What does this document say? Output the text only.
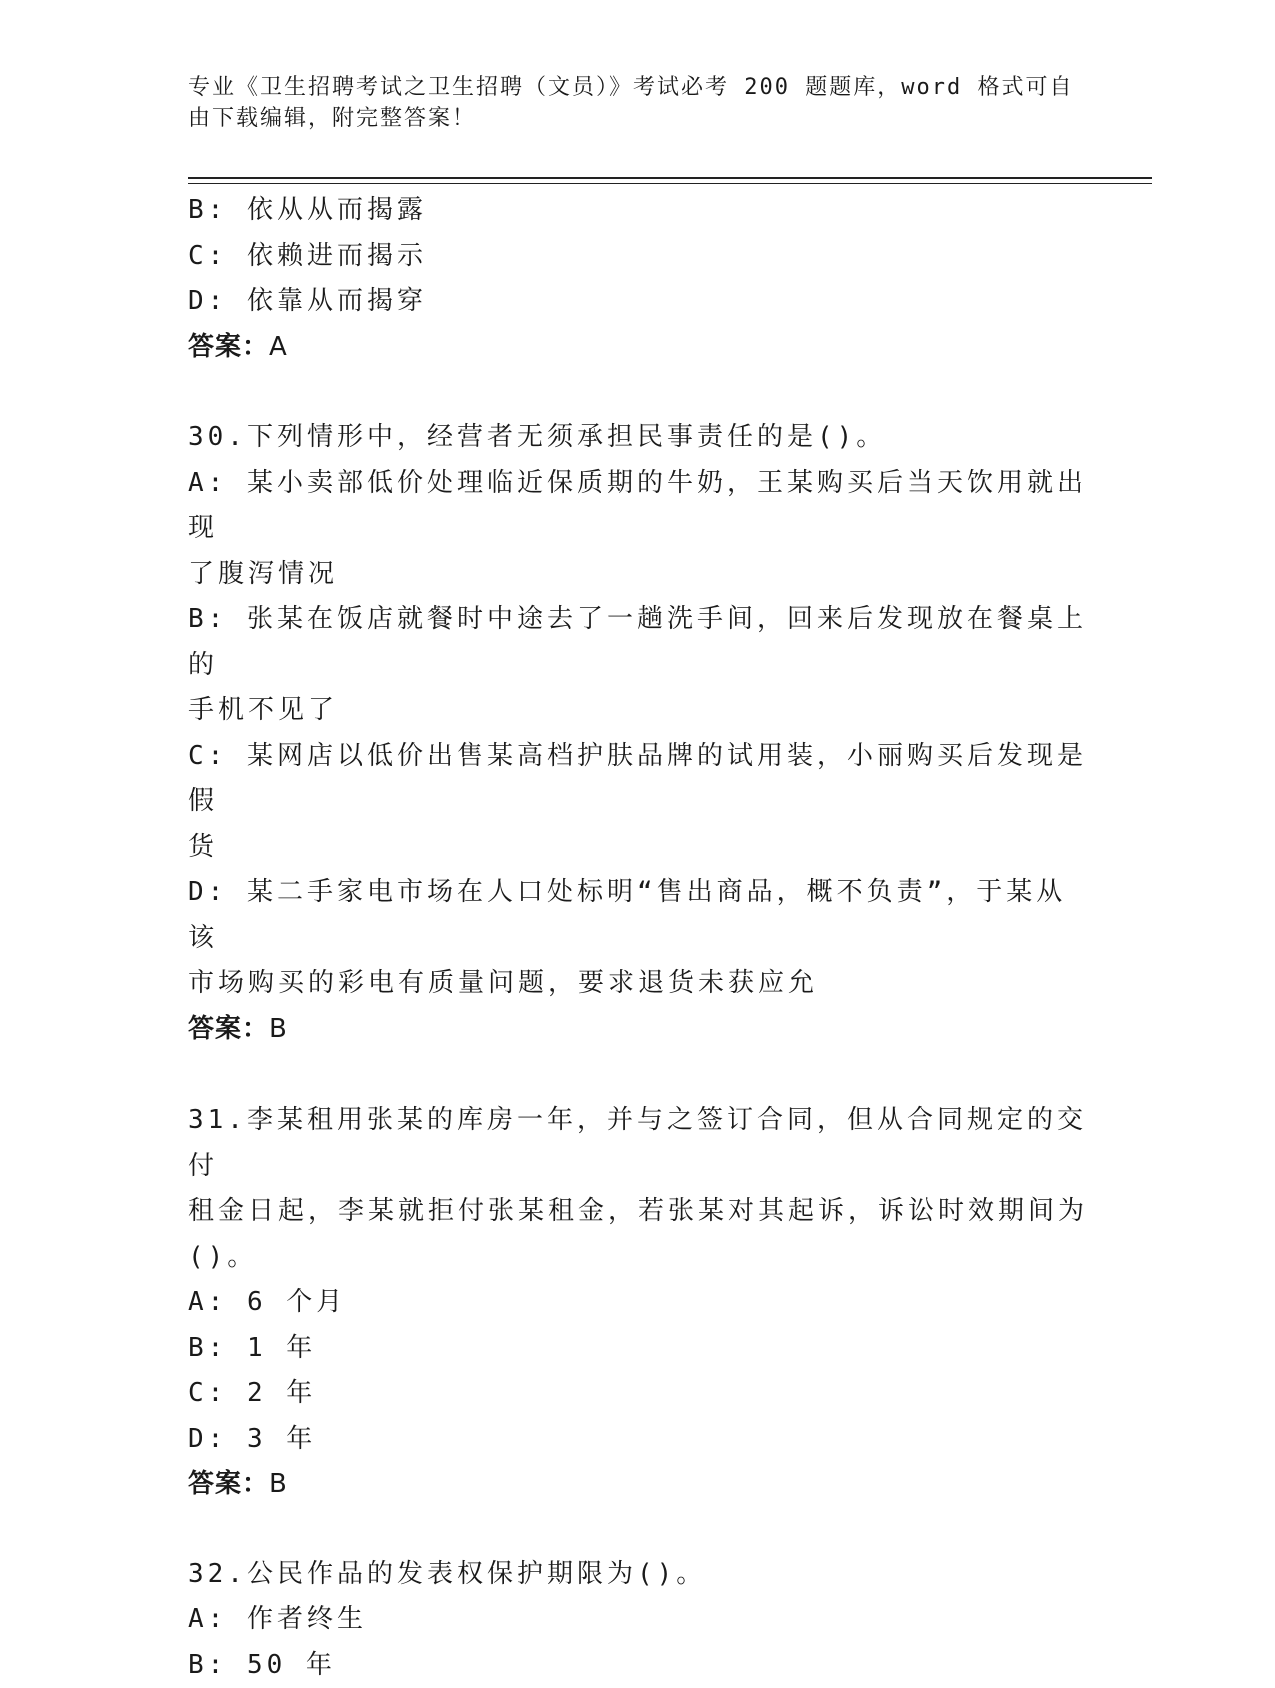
专业《卫生招聘考试之卫生招聘（文员）》考试必考 200 题题库，word 格式可自
由下载编辑，附完整答案！
B: 依从从而揭露
C: 依赖进而揭示
D: 依靠从而揭穿
答案：A
30.下列情形中，经营者无须承担民事责任的是()。
A: 某小卖部低价处理临近保质期的牛奶，王某购买后当天饮用就出现
了腹泻情况
B: 张某在饭店就餐时中途去了一趟洗手间，回来后发现放在餐桌上的
手机不见了
C: 某网店以低价出售某高档护肤品牌的试用装，小丽购买后发现是假
货
D: 某二手家电市场在人口处标明“售出商品，概不负责”，于某从该
市场购买的彩电有质量问题，要求退货未获应允
答案：B
31.李某租用张某的库房一年，并与之签订合同，但从合同规定的交付
租金日起，李某就拒付张某租金，若张某对其起诉，诉讼时效期间为
()。
A: 6 个月
B: 1 年
C: 2 年
D: 3 年
答案：B
32.公民作品的发表权保护期限为()。
A: 作者终生
B: 50 年
